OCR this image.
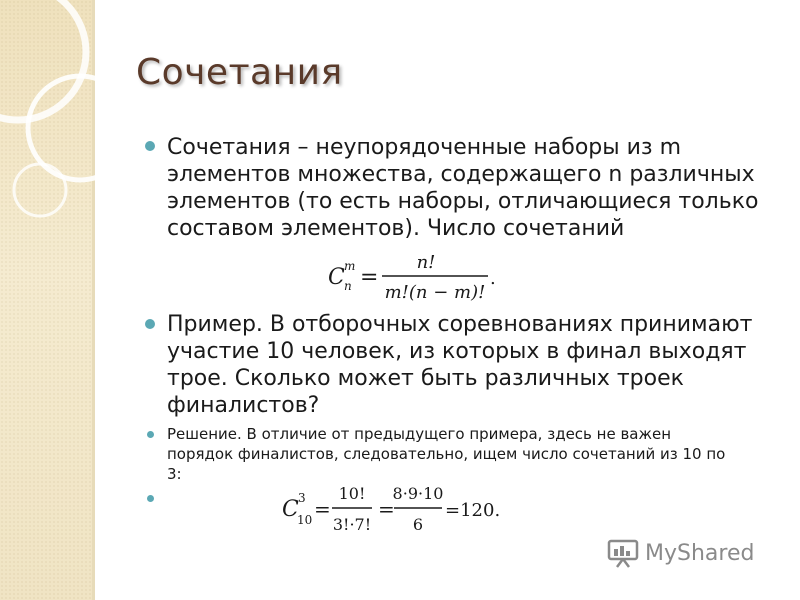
Сочетания
Сочетания – неупорядоченные наборы из m
элементов множества, содержащего n различных
элементов (то есть наборы, отличающиеся только
составом элементов). Число сочетаний
C m
n =
n!
m!(n − m)!
.
Пример. В отборочных соревнованиях принимают
участие 10 человек, из которых в финал выходят
трое. Сколько может быть различных троек
финалистов?
Решение. В отличие от предыдущего примера, здесь не важен
порядок финалистов, следовательно, ищем число сочетаний из 10 по
3:
C 3
10 =
10!
3!·7!
=
8·9·10
6
=120.
MyShared
